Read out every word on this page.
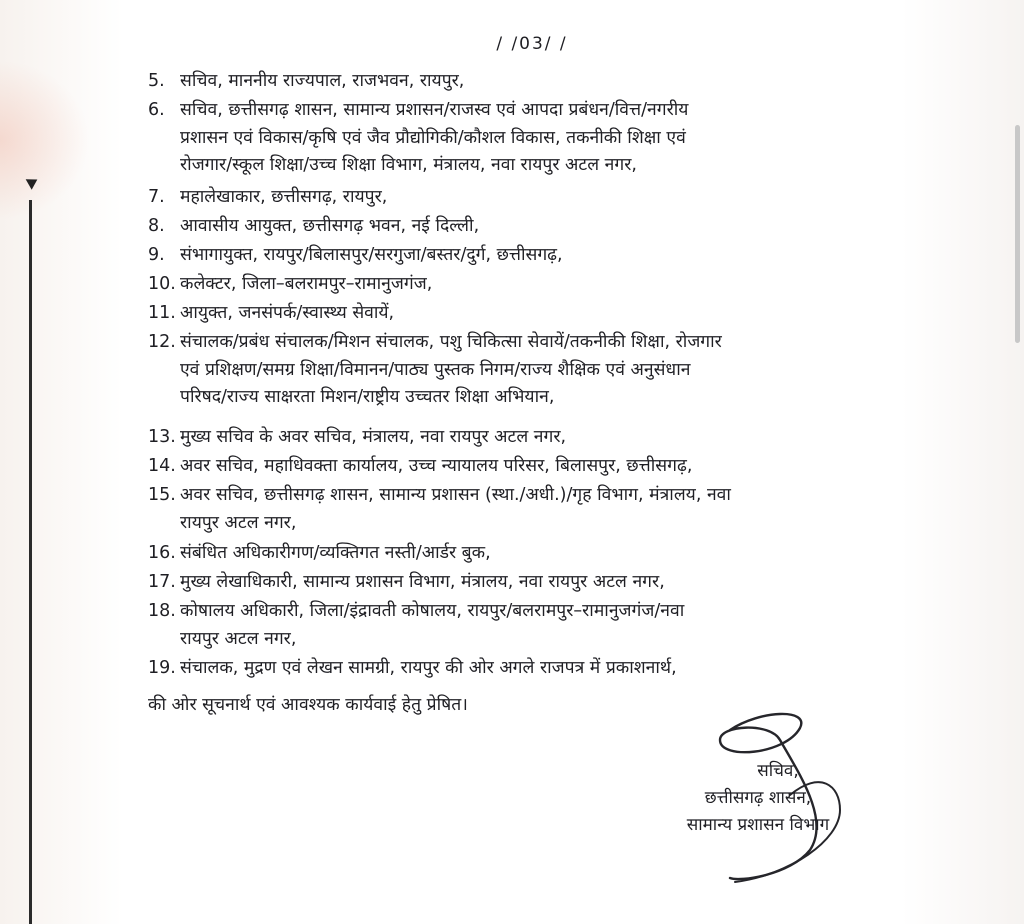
/ /03/ /
5. सचिव, माननीय राज्यपाल, राजभवन, रायपुर,
6. सचिव, छत्तीसगढ़ शासन, सामान्य प्रशासन/राजस्व एवं आपदा प्रबंधन/वित्त/नगरीय
प्रशासन एवं विकास/कृषि एवं जैव प्रौद्योगिकी/कौशल विकास, तकनीकी शिक्षा एवं
रोजगार/स्कूल शिक्षा/उच्च शिक्षा विभाग, मंत्रालय, नवा रायपुर अटल नगर,
7. महालेखाकार, छत्तीसगढ़, रायपुर,
8. आवासीय आयुक्त, छत्तीसगढ़ भवन, नई दिल्ली,
9. संभागायुक्त, रायपुर/बिलासपुर/सरगुजा/बस्तर/दुर्ग, छत्तीसगढ़,
10. कलेक्टर, जिला–बलरामपुर–रामानुजगंज,
11. आयुक्त, जनसंपर्क/स्वास्थ्य सेवायें,
12. संचालक/प्रबंध संचालक/मिशन संचालक, पशु चिकित्सा सेवायें/तकनीकी शिक्षा, रोजगार
एवं प्रशिक्षण/समग्र शिक्षा/विमानन/पाठ्य पुस्तक निगम/राज्य शैक्षिक एवं अनुसंधान
परिषद/राज्य साक्षरता मिशन/राष्ट्रीय उच्चतर शिक्षा अभियान,
13. मुख्य सचिव के अवर सचिव, मंत्रालय, नवा रायपुर अटल नगर,
14. अवर सचिव, महाधिवक्ता कार्यालय, उच्च न्यायालय परिसर, बिलासपुर, छत्तीसगढ़,
15. अवर सचिव, छत्तीसगढ़ शासन, सामान्य प्रशासन (स्था./अधी.)/गृह विभाग, मंत्रालय, नवा
रायपुर अटल नगर,
16. संबंधित अधिकारीगण/व्यक्तिगत नस्ती/आर्डर बुक,
17. मुख्य लेखाधिकारी, सामान्य प्रशासन विभाग, मंत्रालय, नवा रायपुर अटल नगर,
18. कोषालय अधिकारी, जिला/इंद्रावती कोषालय, रायपुर/बलरामपुर–रामानुजगंज/नवा
रायपुर अटल नगर,
19. संचालक, मुद्रण एवं लेखन सामग्री, रायपुर की ओर अगले राजपत्र में प्रकाशनार्थ,
की ओर सूचनार्थ एवं आवश्यक कार्यवाई हेतु प्रेषित।
सचिव,
छत्तीसगढ़ शासन,
सामान्य प्रशासन विभाग
